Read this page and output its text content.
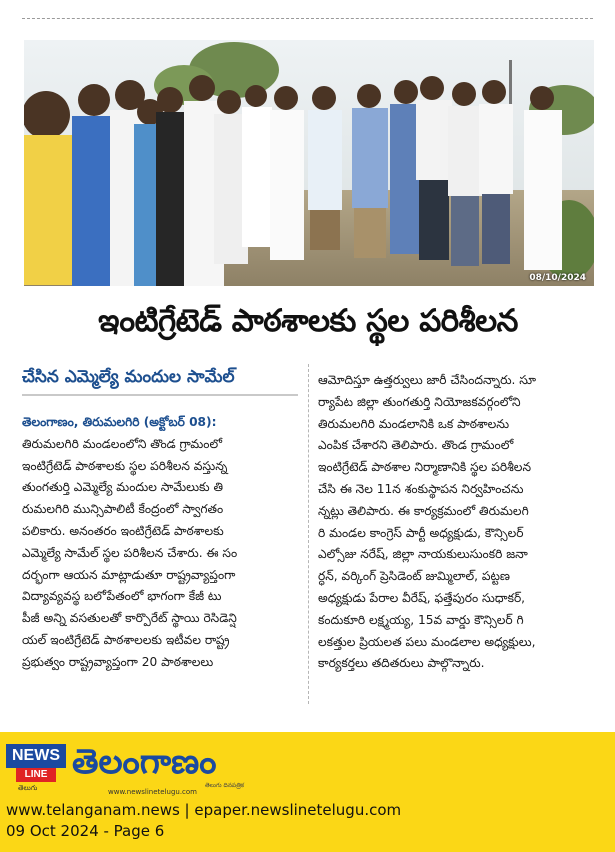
08/10/2024
ఇంటిగ్రేటెడ్ పాఠశాలకు స్థల పరిశీలన
చేసిన ఎమ్మెల్యే మందుల సామేల్

తెలంగాణం, తిరుమలగిరి (అక్టోబర్ 08):

తిరుమలగిరి మండలంలోని తొండ గ్రామంలో

ఇంటిగ్రేటెడ్ పాఠశాలకు స్థల పరిశీలన వస్తున్న

తుంగతుర్తి ఎమ్మెల్యే మందుల సామేలుకు తి

రుమలగిరి మున్సిపాలిటీ కేంద్రంలో స్వాగతం

పలికారు. అనంతరం ఇంటిగ్రేటెడ్ పాఠశాలకు

ఎమ్మెల్యే సామేల్ స్థల పరిశీలన చేశారు. ఈ సం

దర్భంగా ఆయన మాట్లాడుతూ రాష్ట్రవ్యాప్తంగా

విద్యావ్యవస్థ బలోపేతంలో భాగంగా కేజీ టు

పీజీ అన్ని వసతులతో కార్పొరేట్ స్థాయి రెసిడెన్షి

యల్ ఇంటిగ్రేటెడ్ పాఠశాలలకు ఇటీవల రాష్ట్ర

ప్రభుత్వం రాష్ట్రవ్యాప్తంగా 20 పాఠశాలలు

ఆమోదిస్తూ ఉత్తర్వులు జారీ చేసిందన్నారు. సూ

ర్యాపేట జిల్లా తుంగతుర్తి నియోజకవర్గంలోని

తిరుమలగిరి మండలానికి ఒక పాఠశాలను

ఎంపిక చేశారని తెలిపారు. తొండ గ్రామంలో

ఇంటిగ్రేటెడ్ పాఠశాల నిర్మాణానికి స్థల పరిశీలన

చేసి ఈ నెల 11న శంకుస్థాపన నిర్వహించను

న్నట్లు తెలిపారు. ఈ కార్యక్రమంలో తిరుమలగి

రి మండల కాంగ్రెస్ పార్టీ అధ్యక్షుడు, కౌన్సిలర్

ఎల్సోజు నరేష్, జిల్లా నాయకులుసుంకరి జనా

ర్ధన్, వర్కింగ్ ప్రెసిడెంట్ జుమ్మిలాల్, పట్టణ

అధ్యక్షుడు పేరాల వీరేష్, ఫత్తేపురం సుధాకర్,

కందుకూరి లక్ష్మయ్య, 15వ వార్డు కౌన్సిలర్ గి

లకత్తుల ప్రియలత పలు మండలాల అధ్యక్షులు,

కార్యకర్తలు తదితరులు పాల్గొన్నారు.

NEWS
LINE
తెలుగు
తెలంగాణం
తెలుగు దినపత్రిక
www.newslinetelugu.com
www.telanganam.news | epaper.newslinetelugu.com
09 Oct 2024 - Page 6
